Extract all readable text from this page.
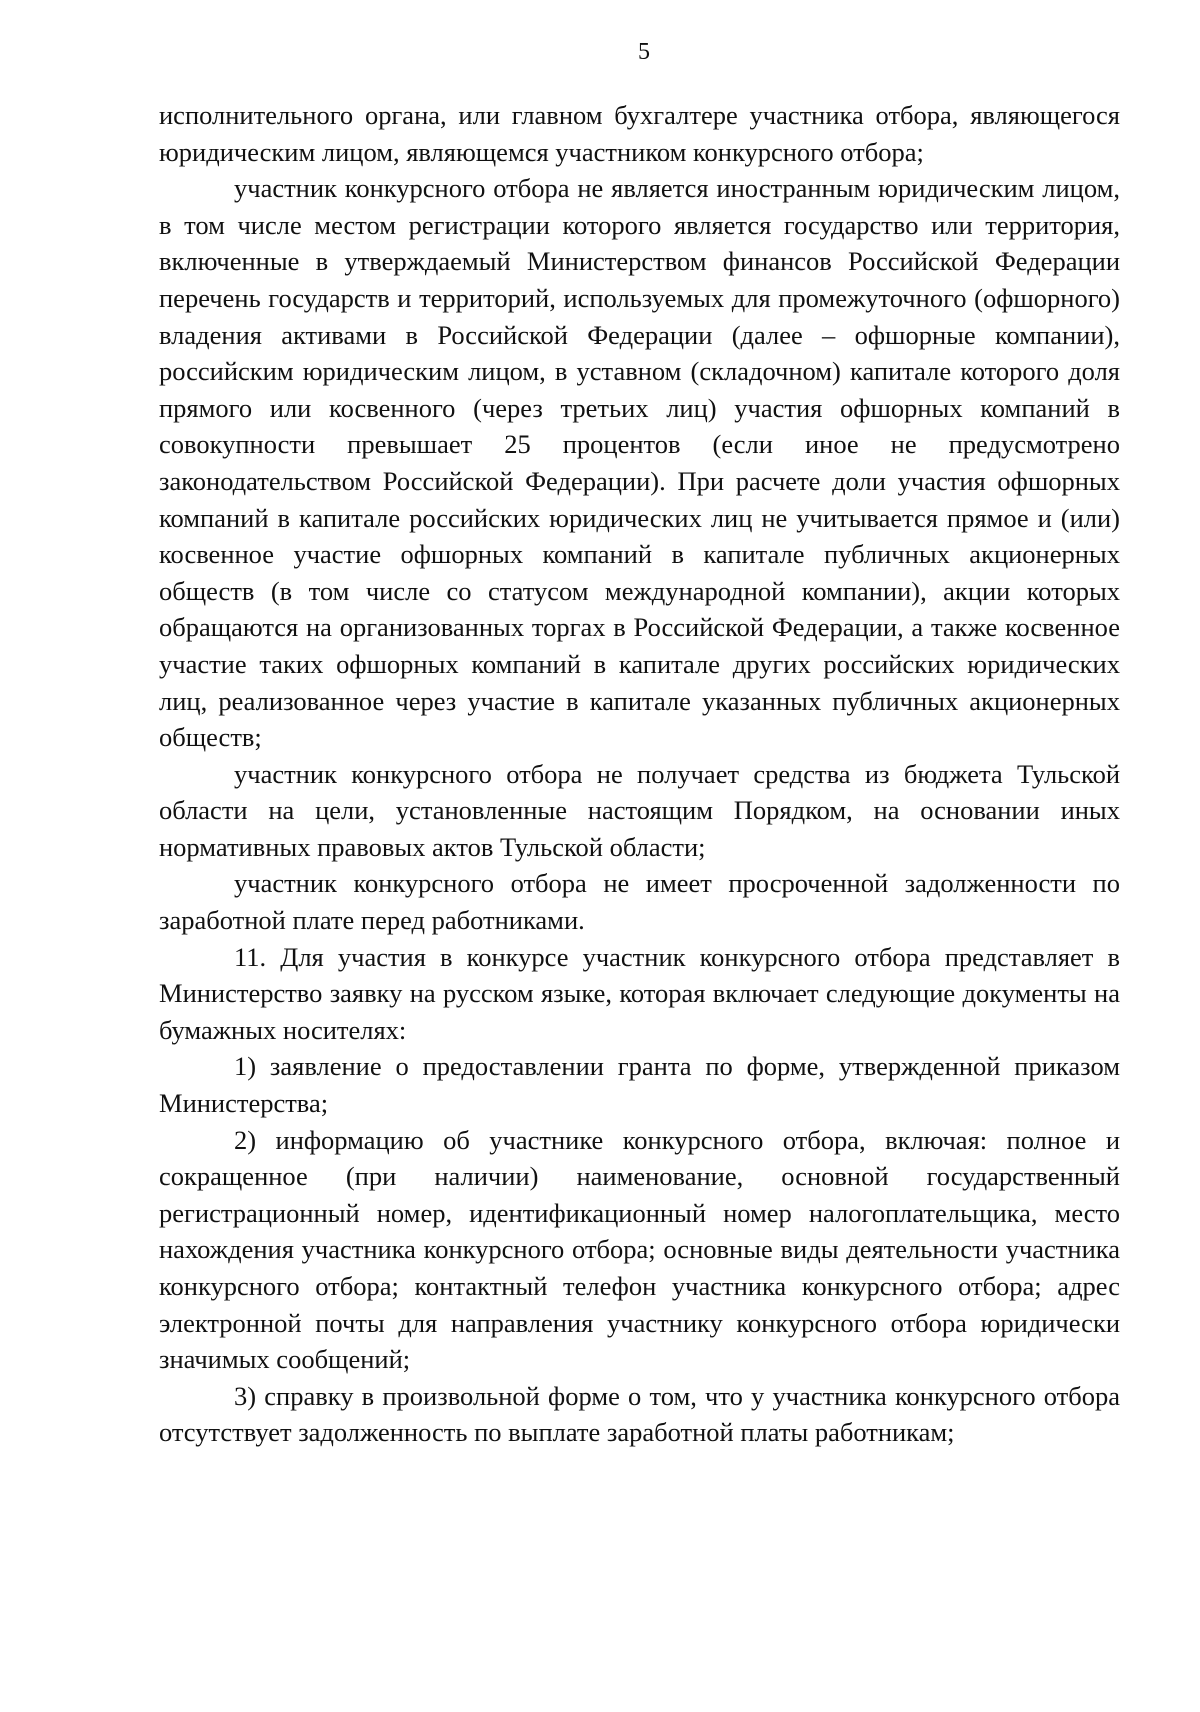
5

исполнительного органа, или главном бухгалтере участника отбора, являющегося юридическим лицом, являющемся участником конкурсного отбора;

участник конкурсного отбора не является иностранным юридическим лицом, в том числе местом регистрации которого является государство или территория, включенные в утверждаемый Министерством финансов Российской Федерации перечень государств и территорий, используемых для промежуточного (офшорного) владения активами в Российской Федерации (далее – офшорные компании), российским юридическим лицом, в уставном (складочном) капитале которого доля прямого или косвенного (через третьих лиц) участия офшорных компаний в совокупности превышает 25 процентов (если иное не предусмотрено законодательством Российской Федерации). При расчете доли участия офшорных компаний в капитале российских юридических лиц не учитывается прямое и (или) косвенное участие офшорных компаний в капитале публичных акционерных обществ (в том числе со статусом международной компании), акции которых обращаются на организованных торгах в Российской Федерации, а также косвенное участие таких офшорных компаний в капитале других российских юридических лиц, реализованное через участие в капитале указанных публичных акционерных обществ;

участник конкурсного отбора не получает средства из бюджета Тульской области на цели, установленные настоящим Порядком, на основании иных нормативных правовых актов Тульской области;

участник конкурсного отбора не имеет просроченной задолженности по заработной плате перед работниками.

11. Для участия в конкурсе участник конкурсного отбора представляет в Министерство заявку на русском языке, которая включает следующие документы на бумажных носителях:

1) заявление о предоставлении гранта по форме, утвержденной приказом Министерства;

2) информацию об участнике конкурсного отбора, включая: полное и сокращенное (при наличии) наименование, основной государственный регистрационный номер, идентификационный номер налогоплательщика, место нахождения участника конкурсного отбора; основные виды деятельности участника конкурсного отбора; контактный телефон участника конкурсного отбора; адрес электронной почты для направления участнику конкурсного отбора юридически значимых сообщений;

3) справку в произвольной форме о том, что у участника конкурсного отбора отсутствует задолженность по выплате заработной платы работникам;
